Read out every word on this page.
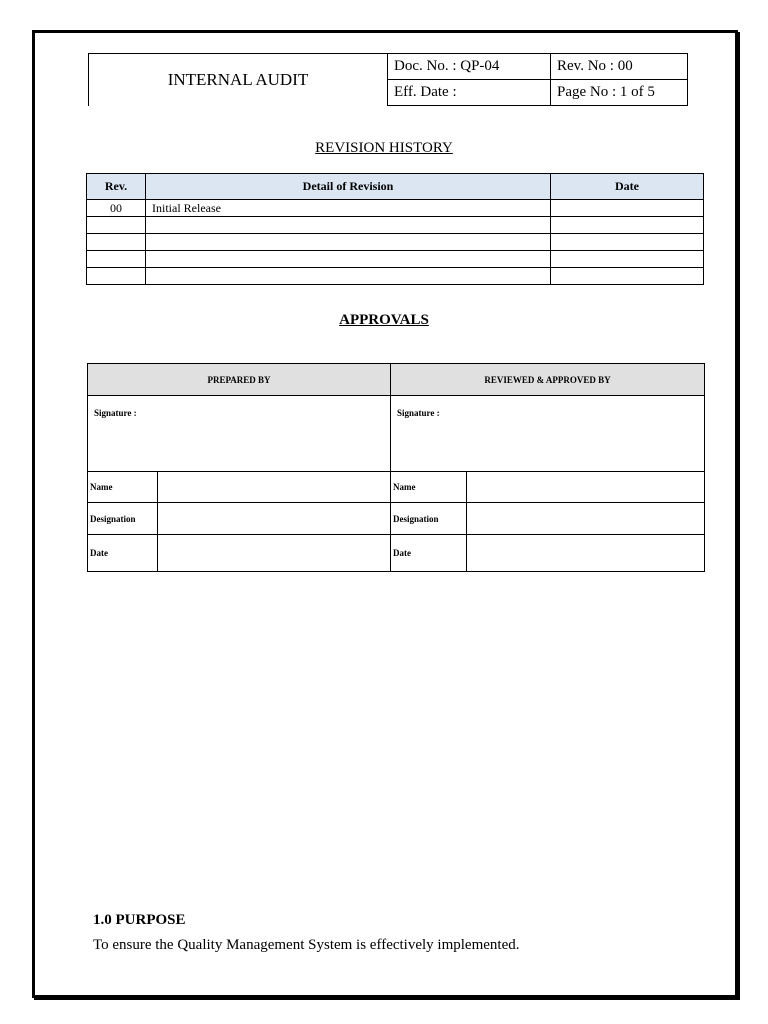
INTERNAL AUDIT	Doc. No. : QP-04	Rev. No : 00
	Eff. Date :	Page No : 1 of 5
REVISION HISTORY
Rev.	Detail of Revision	Date
00	Initial Release	

APPROVALS
PREPARED BY		REVIEWED & APPROVED BY	
Signature :		Signature :	
Name		Name	
Designation		Designation	
Date		Date	
1.0 PURPOSE
To ensure the Quality Management System is effectively implemented.
